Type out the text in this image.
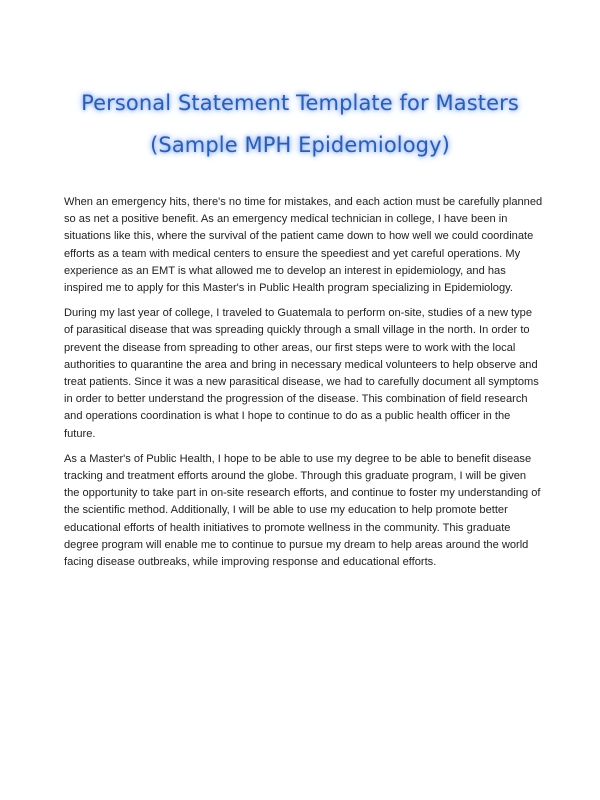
Personal Statement Template for Masters
(Sample MPH Epidemiology)

When an emergency hits, there's no time for mistakes, and each action must be carefully planned so as net a positive benefit. As an emergency medical technician in college, I have been in situations like this, where the survival of the patient came down to how well we could coordinate efforts as a team with medical centers to ensure the speediest and yet careful operations. My experience as an EMT is what allowed me to develop an interest in epidemiology, and has inspired me to apply for this Master's in Public Health program specializing in Epidemiology.

During my last year of college, I traveled to Guatemala to perform on-site, studies of a new type of parasitical disease that was spreading quickly through a small village in the north. In order to prevent the disease from spreading to other areas, our first steps were to work with the local authorities to quarantine the area and bring in necessary medical volunteers to help observe and treat patients. Since it was a new parasitical disease, we had to carefully document all symptoms in order to better understand the progression of the disease. This combination of field research and operations coordination is what I hope to continue to do as a public health officer in the future.

As a Master's of Public Health, I hope to be able to use my degree to be able to benefit disease tracking and treatment efforts around the globe. Through this graduate program, I will be given the opportunity to take part in on-site research efforts, and continue to foster my understanding of the scientific method. Additionally, I will be able to use my education to help promote better educational efforts of health initiatives to promote wellness in the community. This graduate degree program will enable me to continue to pursue my dream to help areas around the world facing disease outbreaks, while improving response and educational efforts.
